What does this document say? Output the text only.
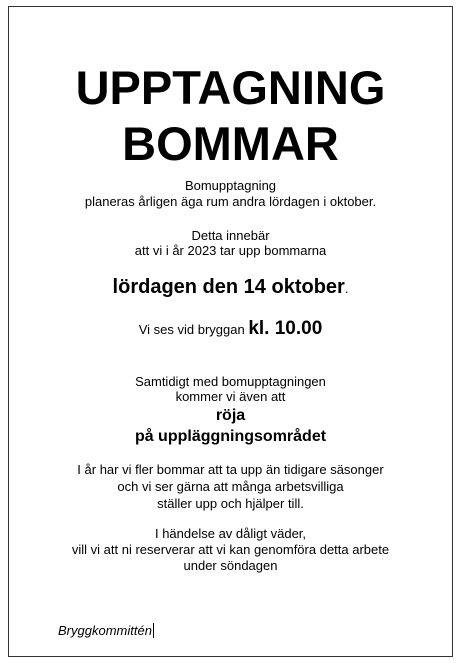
UPPTAGNING
BOMMAR
Bomupptagning
planeras årligen äga rum andra lördagen i oktober.
Detta innebär
att vi i år 2023 tar upp bommarna
lördagen den 14 oktober.
Vi ses vid bryggan kl. 10.00
Samtidigt med bomupptagningen
kommer vi även att
röja
på uppläggningsområdet
I år har vi fler bommar att ta upp än tidigare säsonger
och vi ser gärna att många arbetsvilliga
ställer upp och hjälper till.
I händelse av dåligt väder,
vill vi att ni reserverar att vi kan genomföra detta arbete
under söndagen
Bryggkommittén
